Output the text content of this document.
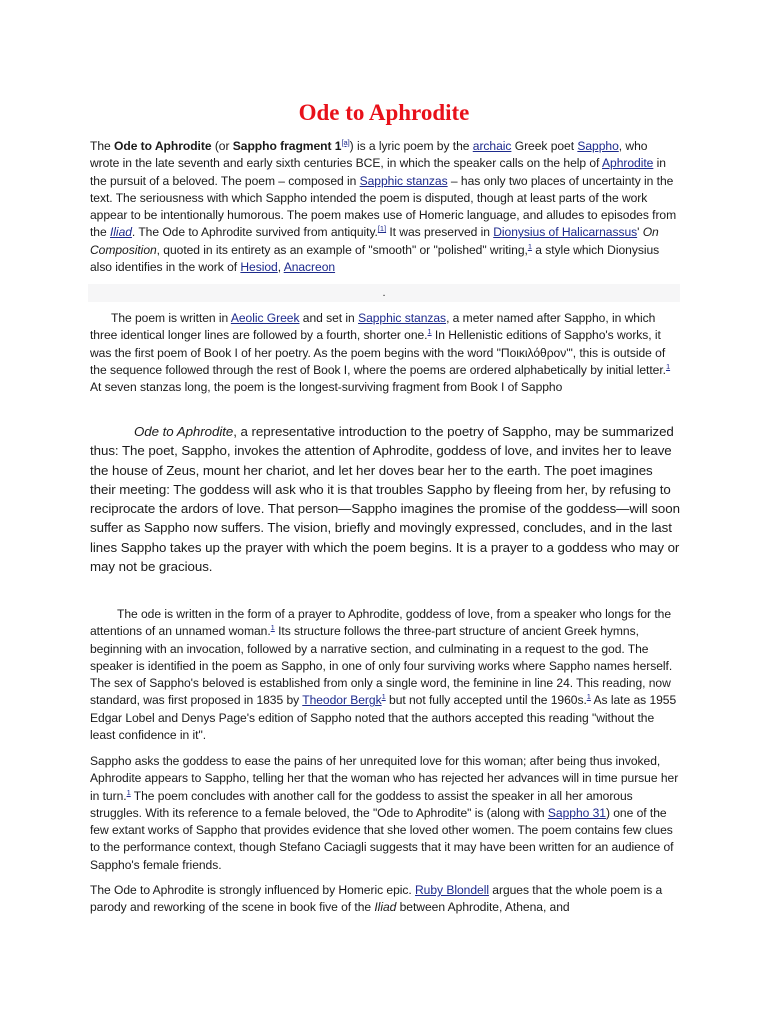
Ode to Aphrodite

The Ode to Aphrodite (or Sappho fragment 1[a]) is a lyric poem by the archaic Greek poet Sappho, who wrote in the late seventh and early sixth centuries BCE, in which the speaker calls on the help of Aphrodite in the pursuit of a beloved. The poem – composed in Sapphic stanzas – has only two places of uncertainty in the text. The seriousness with which Sappho intended the poem is disputed, though at least parts of the work appear to be intentionally humorous. The poem makes use of Homeric language, and alludes to episodes from the Iliad. The Ode to Aphrodite survived from antiquity.[1] It was preserved in Dionysius of Halicarnassus' On Composition, quoted in its entirety as an example of "smooth" or "polished" writing,$^1$ a style which Dionysius also identifies in the work of Hesiod, Anacreon

.

The poem is written in Aeolic Greek and set in Sapphic stanzas, a meter named after Sappho, in which three identical longer lines are followed by a fourth, shorter one.$^1$ In Hellenistic editions of Sappho's works, it was the first poem of Book I of her poetry. As the poem begins with the word "Ποικιλόθρον'", this is outside of the sequence followed through the rest of Book I, where the poems are ordered alphabetically by initial letter.$^1$ At seven stanzas long, the poem is the longest-surviving fragment from Book I of Sappho

Ode to Aphrodite, a representative introduction to the poetry of Sappho, may be summarized thus: The poet, Sappho, invokes the attention of Aphrodite, goddess of love, and invites her to leave the house of Zeus, mount her chariot, and let her doves bear her to the earth. The poet imagines their meeting: The goddess will ask who it is that troubles Sappho by fleeing from her, by refusing to reciprocate the ardors of love. That person—Sappho imagines the promise of the goddess—will soon suffer as Sappho now suffers. The vision, briefly and movingly expressed, concludes, and in the last lines Sappho takes up the prayer with which the poem begins. It is a prayer to a goddess who may or may not be gracious.

The ode is written in the form of a prayer to Aphrodite, goddess of love, from a speaker who longs for the attentions of an unnamed woman.$^1$ Its structure follows the three-part structure of ancient Greek hymns, beginning with an invocation, followed by a narrative section, and culminating in a request to the god. The speaker is identified in the poem as Sappho, in one of only four surviving works where Sappho names herself. The sex of Sappho's beloved is established from only a single word, the feminine in line 24. This reading, now standard, was first proposed in 1835 by Theodor Bergk$^1$ but not fully accepted until the 1960s.$^1$ As late as 1955 Edgar Lobel and Denys Page's edition of Sappho noted that the authors accepted this reading "without the least confidence in it".

Sappho asks the goddess to ease the pains of her unrequited love for this woman; after being thus invoked, Aphrodite appears to Sappho, telling her that the woman who has rejected her advances will in time pursue her in turn.$^1$ The poem concludes with another call for the goddess to assist the speaker in all her amorous struggles. With its reference to a female beloved, the "Ode to Aphrodite" is (along with Sappho 31) one of the few extant works of Sappho that provides evidence that she loved other women. The poem contains few clues to the performance context, though Stefano Caciagli suggests that it may have been written for an audience of Sappho's female friends.

The Ode to Aphrodite is strongly influenced by Homeric epic. Ruby Blondell argues that the whole poem is a parody and reworking of the scene in book five of the Iliad between Aphrodite, Athena, and
